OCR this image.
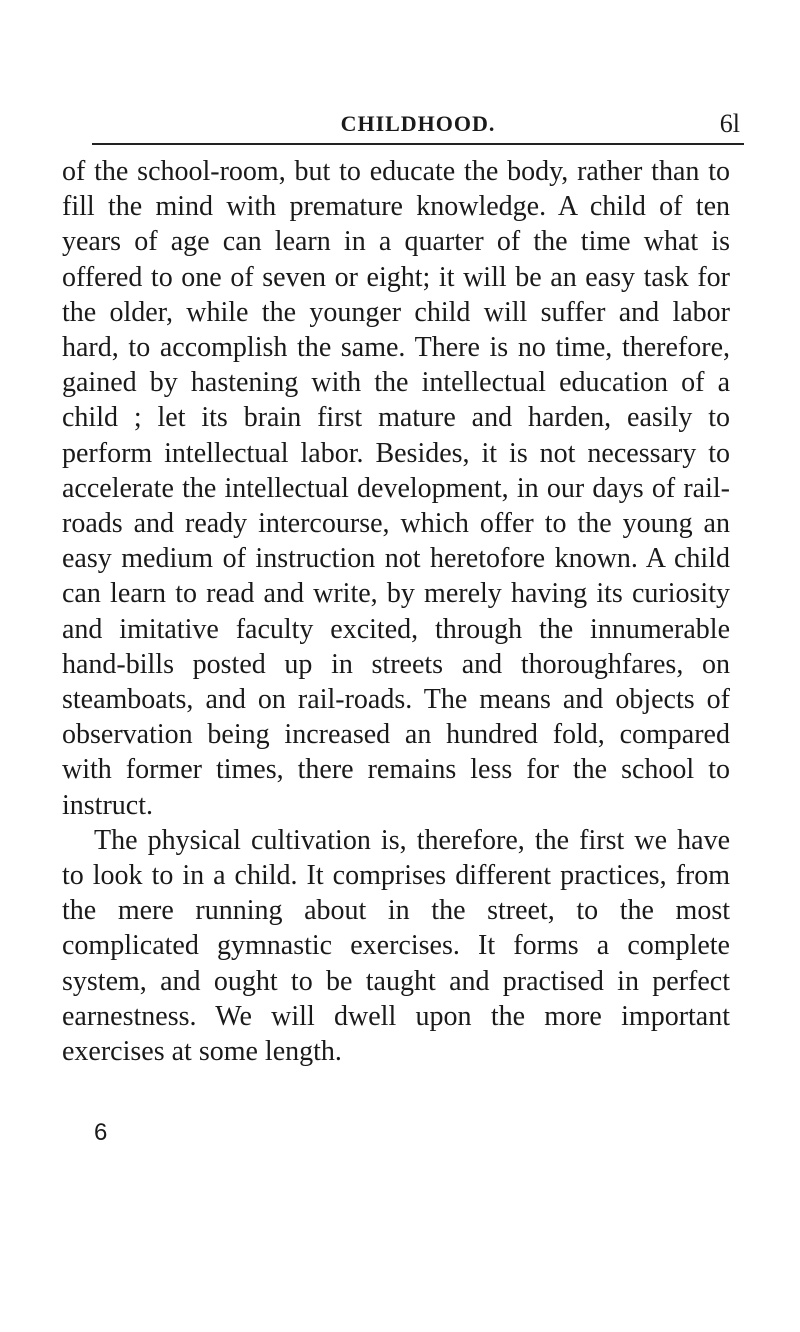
CHILDHOOD.	6l

of the school-room, but to educate the body, rather than to fill the mind with premature knowledge. A child of ten years of age can learn in a quarter of the time what is offered to one of seven or eight; it will be an easy task for the older, while the younger child will suffer and labor hard, to accomplish the same. There is no time, therefore, gained by hastening with the intellectual education of a child ; let its brain first mature and harden, easily to perform intellectual labor. Besides, it is not necessary to accelerate the intellectual development, in our days of rail-roads and ready intercourse, which offer to the young an easy medium of instruction not heretofore known. A child can learn to read and write, by merely having its curiosity and imitative faculty excited, through the innumerable hand-bills posted up in streets and thoroughfares, on steamboats, and on rail-roads. The means and objects of observation being increased an hundred fold, compared with former times, there remains less for the school to instruct.

The physical cultivation is, therefore, the first we have to look to in a child. It comprises different practices, from the mere running about in the street, to the most complicated gymnastic exercises. It forms a complete system, and ought to be taught and practised in perfect earnestness. We will dwell upon the more important exercises at some length.

6
